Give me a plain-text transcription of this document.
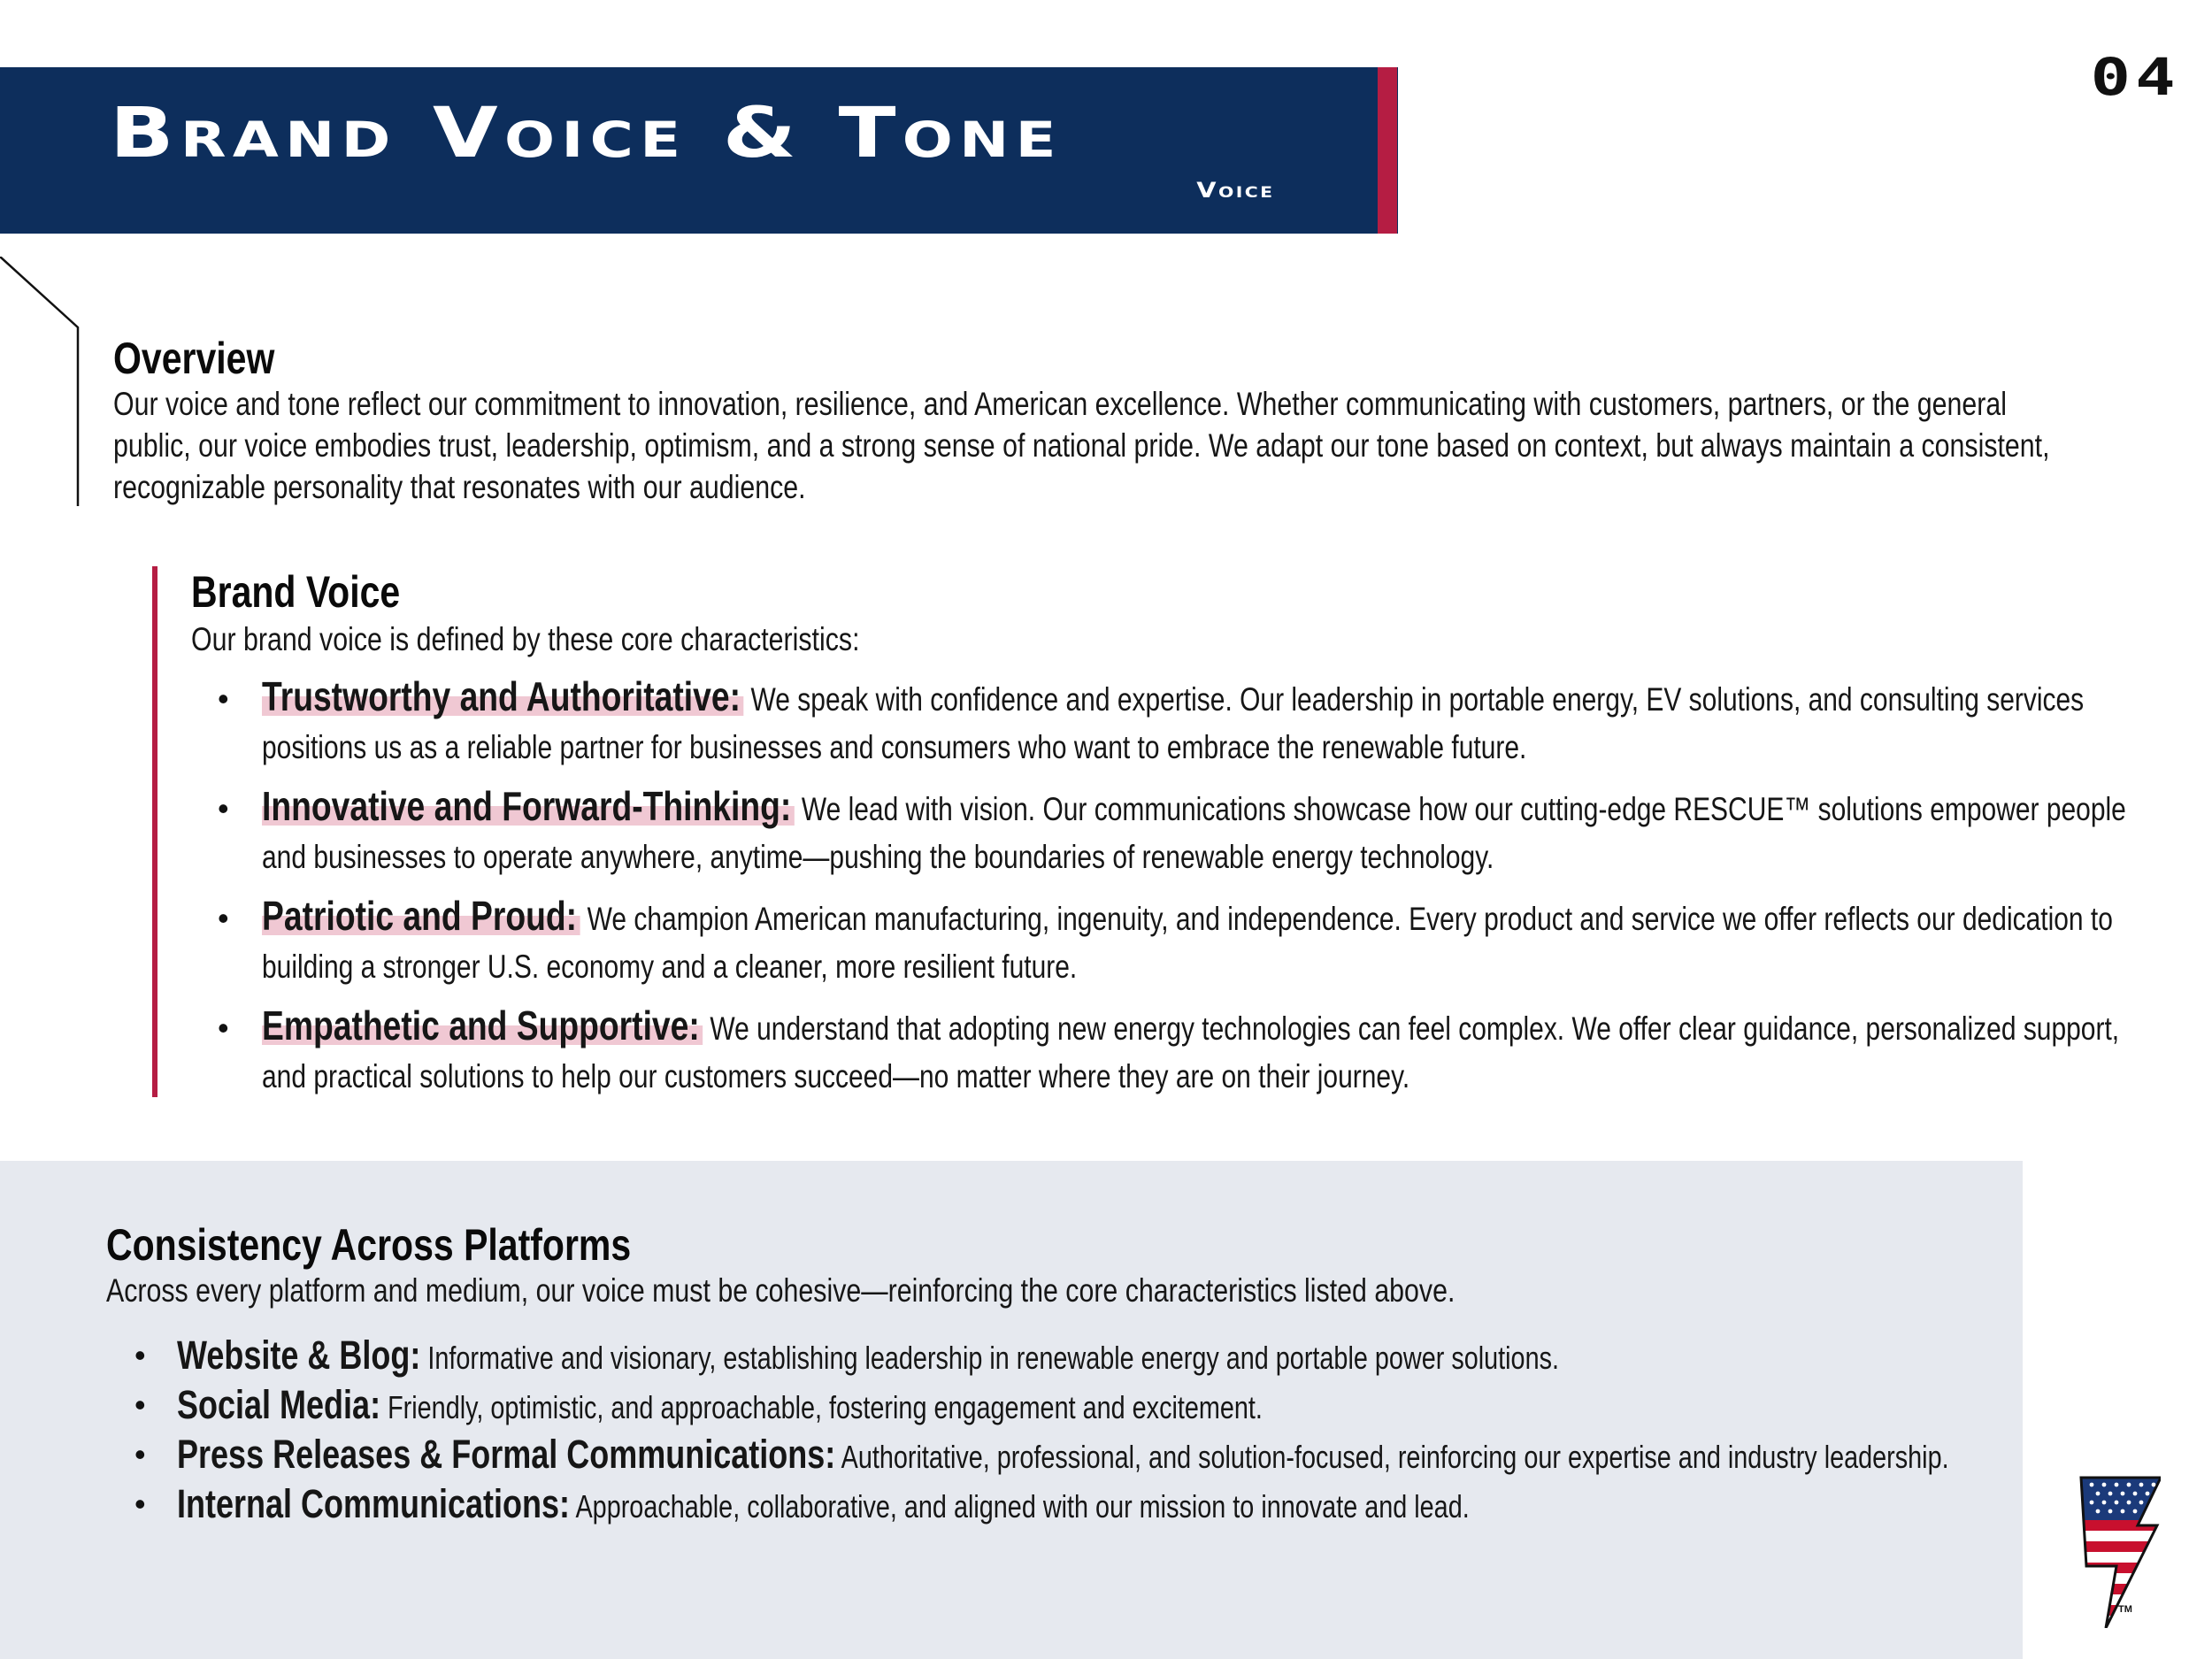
Brand Voice & Tone
Voice
04
Overview
Our voice and tone reflect our commitment to innovation, resilience, and American excellence. Whether communicating with customers, partners, or the general public, our voice embodies trust, leadership, optimism, and a strong sense of national pride. We adapt our tone based on context, but always maintain a consistent, recognizable personality that resonates with our audience.
Brand Voice
Our brand voice is defined by these core characteristics:
• Trustworthy and Authoritative: We speak with confidence and expertise. Our leadership in portable energy, EV solutions, and consulting services positions us as a reliable partner for businesses and consumers who want to embrace the renewable future.
• Innovative and Forward-Thinking: We lead with vision. Our communications showcase how our cutting-edge RESCUE™ solutions empower people and businesses to operate anywhere, anytime—pushing the boundaries of renewable energy technology.
• Patriotic and Proud: We champion American manufacturing, ingenuity, and independence. Every product and service we offer reflects our dedication to building a stronger U.S. economy and a cleaner, more resilient future.
• Empathetic and Supportive: We understand that adopting new energy technologies can feel complex. We offer clear guidance, personalized support, and practical solutions to help our customers succeed—no matter where they are on their journey.
Consistency Across Platforms
Across every platform and medium, our voice must be cohesive—reinforcing the core characteristics listed above.
• Website & Blog: Informative and visionary, establishing leadership in renewable energy and portable power solutions.
• Social Media: Friendly, optimistic, and approachable, fostering engagement and excitement.
• Press Releases & Formal Communications: Authoritative, professional, and solution-focused, reinforcing our expertise and industry leadership.
• Internal Communications: Approachable, collaborative, and aligned with our mission to innovate and lead.
TM
